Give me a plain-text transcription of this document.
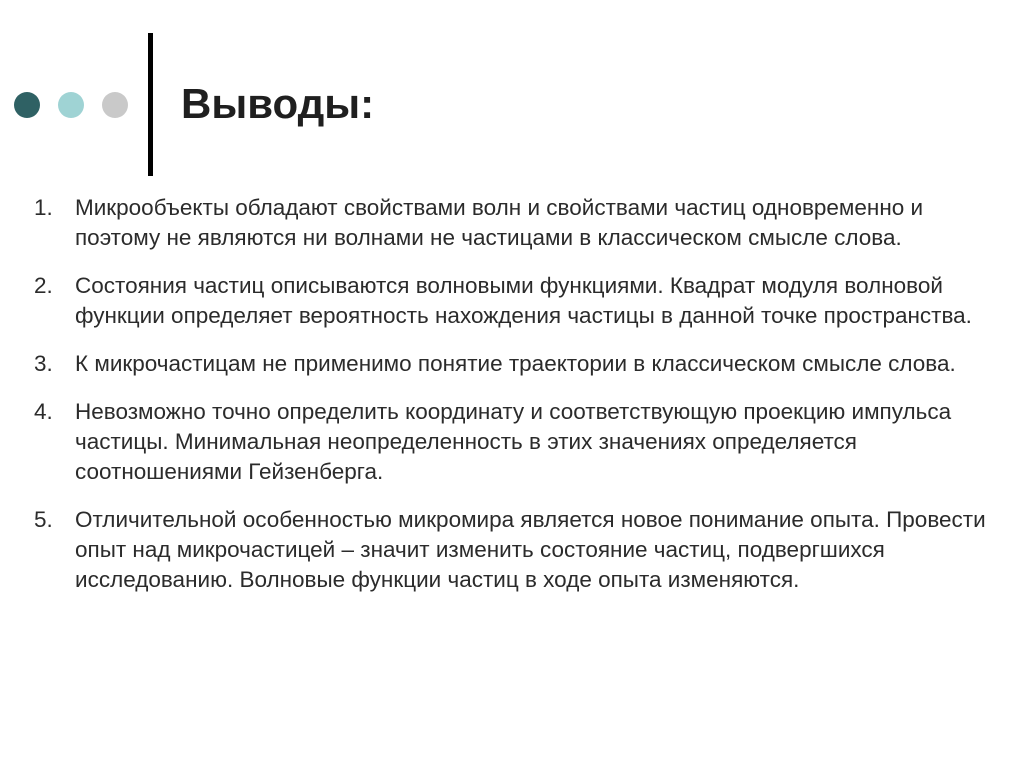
Выводы:
1. Микрообъекты обладают свойствами волн и свойствами частиц одновременно и поэтому не являются ни волнами не частицами в классическом смысле слова.
2. Состояния частиц описываются волновыми функциями. Квадрат модуля волновой функции определяет вероятность нахождения частицы в данной точке пространства.
3. К микрочастицам не применимо понятие траектории в классическом смысле слова.
4. Невозможно точно определить координату и соответствующую проекцию импульса частицы. Минимальная неопределенность в этих значениях определяется соотношениями Гейзенберга.
5. Отличительной особенностью микромира является новое понимание опыта. Провести опыт над микрочастицей – значит изменить состояние частиц, подвергшихся исследованию. Волновые функции частиц в ходе опыта изменяются.
